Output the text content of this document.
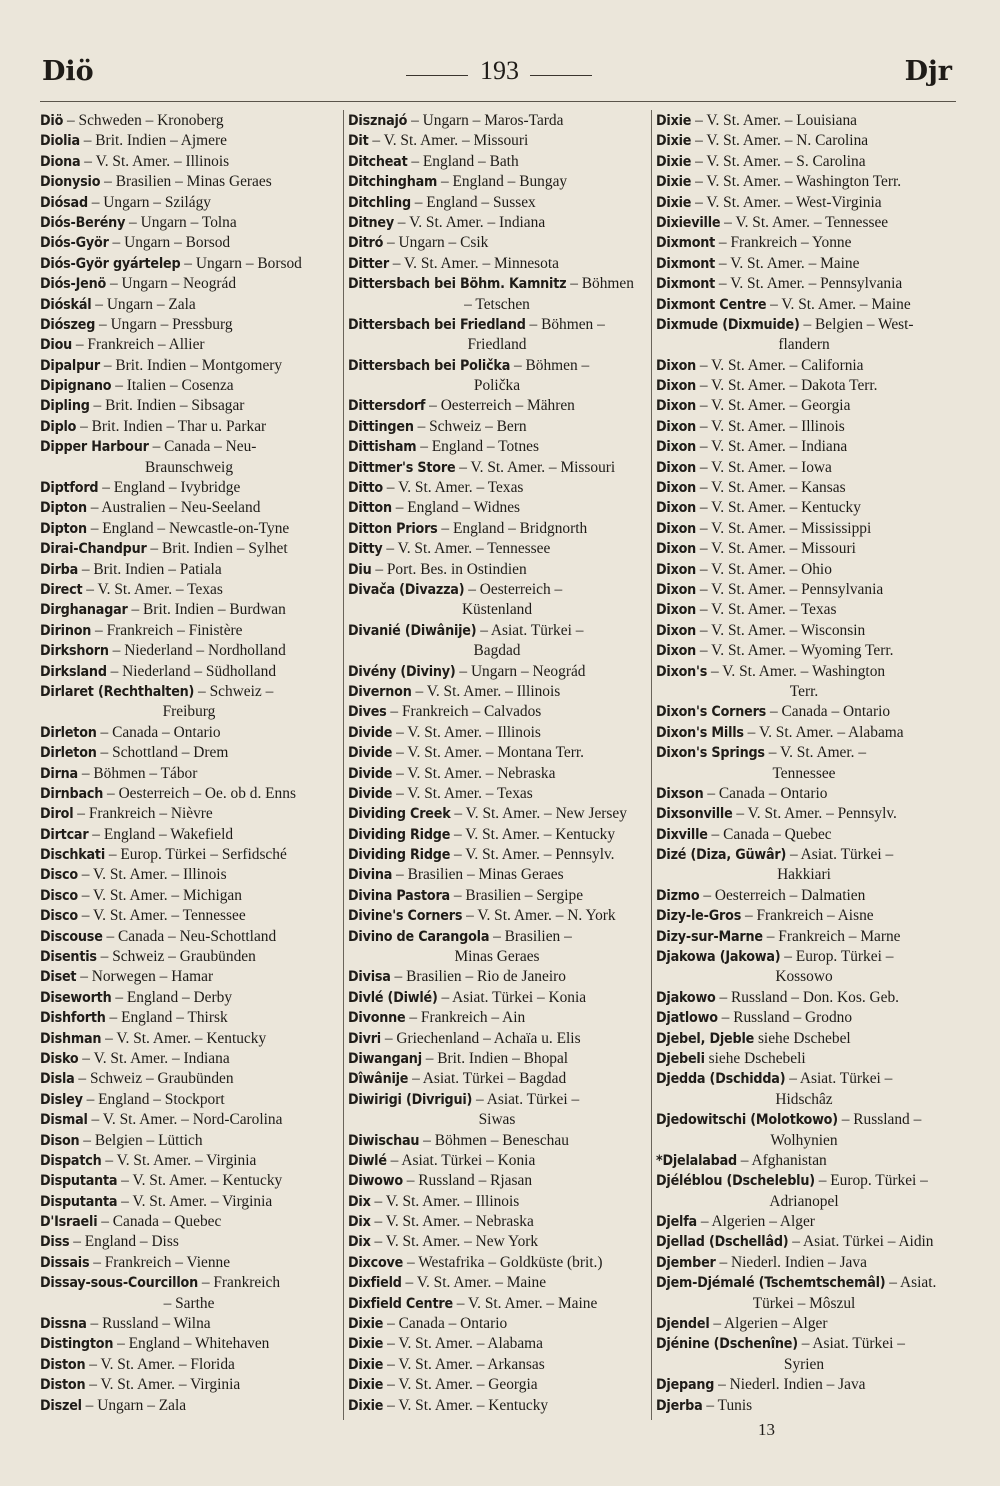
Diö	193	Djr
Diö – Schweden – Kronoberg
Diolia – Brit. Indien – Ajmere
Diona – V. St. Amer. – Illinois
Dionysio – Brasilien – Minas Geraes
Diósad – Ungarn – Szilágy
Diós-Berény – Ungarn – Tolna
Diós-Györ – Ungarn – Borsod
Diós-Györ gyártelep – Ungarn – Borsod
Diós-Jenö – Ungarn – Neográd
Dióskál – Ungarn – Zala
Diószeg – Ungarn – Pressburg
Diou – Frankreich – Allier
Dipalpur – Brit. Indien – Montgomery
Dipignano – Italien – Cosenza
Dipling – Brit. Indien – Sibsagar
Diplo – Brit. Indien – Thar u. Parkar
Dipper Harbour – Canada – Neu-
Braunschweig
Diptford – England – Ivybridge
Dipton – Australien – Neu-Seeland
Dipton – England – Newcastle-on-Tyne
Dirai-Chandpur – Brit. Indien – Sylhet
Dirba – Brit. Indien – Patiala
Direct – V. St. Amer. – Texas
Dirghanagar – Brit. Indien – Burdwan
Dirinon – Frankreich – Finistère
Dirkshorn – Niederland – Nordholland
Dirksland – Niederland – Südholland
Dirlaret (Rechthalten) – Schweiz –
Freiburg
Dirleton – Canada – Ontario
Dirleton – Schottland – Drem
Dirna – Böhmen – Tábor
Dirnbach – Oesterreich – Oe. ob d. Enns
Dirol – Frankreich – Nièvre
Dirtcar – England – Wakefield
Dischkati – Europ. Türkei – Serfidsché
Disco – V. St. Amer. – Illinois
Disco – V. St. Amer. – Michigan
Disco – V. St. Amer. – Tennessee
Discouse – Canada – Neu-Schottland
Disentis – Schweiz – Graubünden
Diset – Norwegen – Hamar
Diseworth – England – Derby
Dishforth – England – Thirsk
Dishman – V. St. Amer. – Kentucky
Disko – V. St. Amer. – Indiana
Disla – Schweiz – Graubünden
Disley – England – Stockport
Dismal – V. St. Amer. – Nord-Carolina
Dison – Belgien – Lüttich
Dispatch – V. St. Amer. – Virginia
Disputanta – V. St. Amer. – Kentucky
Disputanta – V. St. Amer. – Virginia
D'Israeli – Canada – Quebec
Diss – England – Diss
Dissais – Frankreich – Vienne
Dissay-sous-Courcillon – Frankreich
– Sarthe
Dissna – Russland – Wilna
Distington – England – Whitehaven
Diston – V. St. Amer. – Florida
Diston – V. St. Amer. – Virginia
Diszel – Ungarn – Zala
Disznajó – Ungarn – Maros-Tarda
Dit – V. St. Amer. – Missouri
Ditcheat – England – Bath
Ditchingham – England – Bungay
Ditchling – England – Sussex
Ditney – V. St. Amer. – Indiana
Ditró – Ungarn – Csik
Ditter – V. St. Amer. – Minnesota
Dittersbach bei Böhm. Kamnitz – Böhmen
– Tetschen
Dittersbach bei Friedland – Böhmen –
Friedland
Dittersbach bei Polička – Böhmen –
Polička
Dittersdorf – Oesterreich – Mähren
Dittingen – Schweiz – Bern
Dittisham – England – Totnes
Dittmer's Store – V. St. Amer. – Missouri
Ditto – V. St. Amer. – Texas
Ditton – England – Widnes
Ditton Priors – England – Bridgnorth
Ditty – V. St. Amer. – Tennessee
Diu – Port. Bes. in Ostindien
Divača (Divazza) – Oesterreich –
Küstenland
Divanié (Diwânije) – Asiat. Türkei –
Bagdad
Divény (Diviny) – Ungarn – Neográd
Divernon – V. St. Amer. – Illinois
Dives – Frankreich – Calvados
Divide – V. St. Amer. – Illinois
Divide – V. St. Amer. – Montana Terr.
Divide – V. St. Amer. – Nebraska
Divide – V. St. Amer. – Texas
Dividing Creek – V. St. Amer. – New Jersey
Dividing Ridge – V. St. Amer. – Kentucky
Dividing Ridge – V. St. Amer. – Pennsylv.
Divina – Brasilien – Minas Geraes
Divina Pastora – Brasilien – Sergipe
Divine's Corners – V. St. Amer. – N. York
Divino de Carangola – Brasilien –
Minas Geraes
Divisa – Brasilien – Rio de Janeiro
Divlé (Diwlé) – Asiat. Türkei – Konia
Divonne – Frankreich – Ain
Divri – Griechenland – Achaïa u. Elis
Diwanganj – Brit. Indien – Bhopal
Dîwânije – Asiat. Türkei – Bagdad
Diwirigi (Divrigui) – Asiat. Türkei –
Siwas
Diwischau – Böhmen – Beneschau
Diwlé – Asiat. Türkei – Konia
Diwowo – Russland – Rjasan
Dix – V. St. Amer. – Illinois
Dix – V. St. Amer. – Nebraska
Dix – V. St. Amer. – New York
Dixcove – Westafrika – Goldküste (brit.)
Dixfield – V. St. Amer. – Maine
Dixfield Centre – V. St. Amer. – Maine
Dixie – Canada – Ontario
Dixie – V. St. Amer. – Alabama
Dixie – V. St. Amer. – Arkansas
Dixie – V. St. Amer. – Georgia
Dixie – V. St. Amer. – Kentucky
Dixie – V. St. Amer. – Louisiana
Dixie – V. St. Amer. – N. Carolina
Dixie – V. St. Amer. – S. Carolina
Dixie – V. St. Amer. – Washington Terr.
Dixie – V. St. Amer. – West-Virginia
Dixieville – V. St. Amer. – Tennessee
Dixmont – Frankreich – Yonne
Dixmont – V. St. Amer. – Maine
Dixmont – V. St. Amer. – Pennsylvania
Dixmont Centre – V. St. Amer. – Maine
Dixmude (Dixmuide) – Belgien – West-
flandern
Dixon – V. St. Amer. – California
Dixon – V. St. Amer. – Dakota Terr.
Dixon – V. St. Amer. – Georgia
Dixon – V. St. Amer. – Illinois
Dixon – V. St. Amer. – Indiana
Dixon – V. St. Amer. – Iowa
Dixon – V. St. Amer. – Kansas
Dixon – V. St. Amer. – Kentucky
Dixon – V. St. Amer. – Mississippi
Dixon – V. St. Amer. – Missouri
Dixon – V. St. Amer. – Ohio
Dixon – V. St. Amer. – Pennsylvania
Dixon – V. St. Amer. – Texas
Dixon – V. St. Amer. – Wisconsin
Dixon – V. St. Amer. – Wyoming Terr.
Dixon's – V. St. Amer. – Washington
Terr.
Dixon's Corners – Canada – Ontario
Dixon's Mills – V. St. Amer. – Alabama
Dixon's Springs – V. St. Amer. –
Tennessee
Dixson – Canada – Ontario
Dixsonville – V. St. Amer. – Pennsylv.
Dixville – Canada – Quebec
Dizé (Diza, Güwâr) – Asiat. Türkei –
Hakkiari
Dizmo – Oesterreich – Dalmatien
Dizy-le-Gros – Frankreich – Aisne
Dizy-sur-Marne – Frankreich – Marne
Djakowa (Jakowa) – Europ. Türkei –
Kossowo
Djakowo – Russland – Don. Kos. Geb.
Djatlowo – Russland – Grodno
Djebel, Djeble siehe Dschebel
Djebeli siehe Dschebeli
Djedda (Dschidda) – Asiat. Türkei –
Hidschâz
Djedowitschi (Molotkowo) – Russland –
Wolhynien
*Djelalabad – Afghanistan
Djéléblou (Dscheleblu) – Europ. Türkei –
Adrianopel
Djelfa – Algerien – Alger
Djellad (Dschellâd) – Asiat. Türkei – Aidin
Djember – Niederl. Indien – Java
Djem-Djémalé (Tschemtschemâl) – Asiat.
Türkei – Môszul
Djendel – Algerien – Alger
Djénine (Dschenîne) – Asiat. Türkei –
Syrien
Djepang – Niederl. Indien – Java
Djerba – Tunis
13
